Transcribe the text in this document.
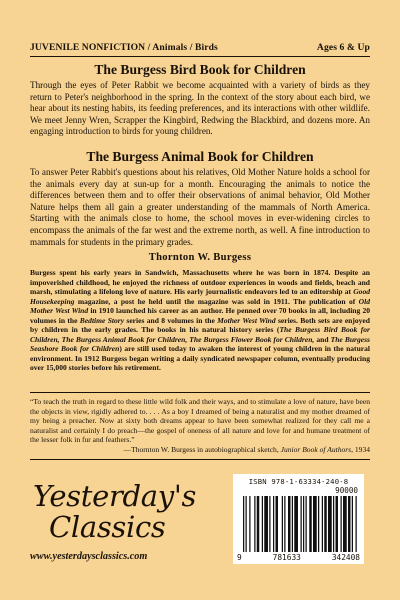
JUVENILE NONFICTION / Animals / Birds	Ages 6 & Up
The Burgess Bird Book for Children

Through the eyes of Peter Rabbit we become acquainted with a variety of birds as they return to Peter's neighborhood in the spring. In the context of the story about each bird, we hear about its nesting habits, its feeding preferences, and its interactions with other wildlife. We meet Jenny Wren, Scrapper the Kingbird, Redwing the Blackbird, and dozens more. An engaging introduction to birds for young children.

The Burgess Animal Book for Children

To answer Peter Rabbit's questions about his relatives, Old Mother Nature holds a school for the animals every day at sun-up for a month. Encouraging the animals to notice the differences between them and to offer their observations of animal behavior, Old Mother Nature helps them all gain a greater understanding of the mammals of North America. Starting with the animals close to home, the school moves in ever-widening circles to encompass the animals of the far west and the extreme north, as well. A fine introduction to mammals for students in the primary grades.

Thornton W. Burgess

Burgess spent his early years in Sandwich, Massachusetts where he was born in 1874. Despite an impoverished childhood, he enjoyed the richness of outdoor experiences in woods and fields, beach and marsh, stimulating a lifelong love of nature. His early journalistic endeavors led to an editorship at Good Housekeeping magazine, a post he held until the magazine was sold in 1911. The publication of Old Mother West Wind in 1910 launched his career as an author. He penned over 70 books in all, including 20 volumes in the Bedtime Story series and 8 volumes in the Mother West Wind series. Both sets are enjoyed by children in the early grades. The books in his natural history series (The Burgess Bird Book for Children, The Burgess Animal Book for Children, The Burgess Flower Book for Children, and The Burgess Seashore Book for Children) are still used today to awaken the interest of young children in the natural environment. In 1912 Burgess began writing a daily syndicated newspaper column, eventually producing over 15,000 stories before his retirement.

“To teach the truth in regard to these little wild folk and their ways, and to stimulate a love of nature, have been the objects in view, rigidly adhered to. . . . As a boy I dreamed of being a naturalist and my mother dreamed of my being a preacher. Now at sixty both dreams appear to have been somewhat realized for they call me a naturalist and certainly I do preach—the gospel of oneness of all nature and love for and humane treatment of the lesser folk in fur and feathers.”
—Thornton W. Burgess in autobiographical sketch, Junior Book of Authors, 1934

Yesterday's
Classics
www.yesterdaysclassics.com
ISBN 978-1-63334-240-8
90000
9	781633	342408
